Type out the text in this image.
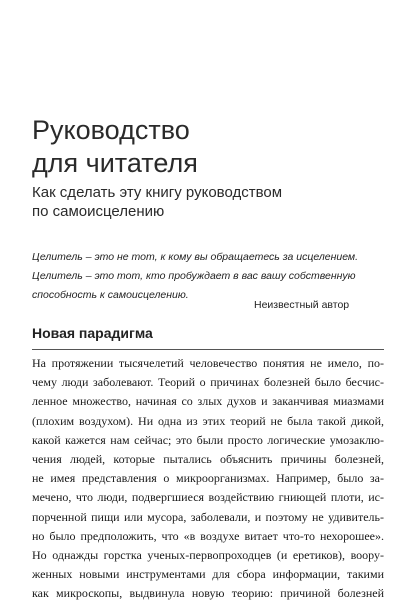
Руководство
для читателя

Как сделать эту книгу руководством
по самоисцелению

Целитель – это не тот, к кому вы обращаетесь за исцелением.
Целитель – это тот, кто пробуждает в вас вашу собственную
способность к самоисцелению.
Неизвестный автор
Новая парадигма
На протяжении тысячелетий человечество понятия не имело, по-
чему люди заболевают. Теорий о причинах болезней было бесчис-
ленное множество, начиная со злых духов и заканчивая миазмами
(плохим воздухом). Ни одна из этих теорий не была такой дикой,
какой кажется нам сейчас; это были просто логические умозаклю-
чения людей, которые пытались объяснить причины болезней,
не имея представления о микроорганизмах. Например, было за-
мечено, что люди, подвергшиеся воздействию гниющей плоти, ис-
порченной пищи или мусора, заболевали, и поэтому не удивитель-
но было предположить, что «в воздухе витает что-то нехорошее».
Но однажды горстка ученых-первопроходцев (и еретиков), воору-
женных новыми инструментами для сбора информации, такими
как микроскопы, выдвинула новую теорию: причиной болезней
